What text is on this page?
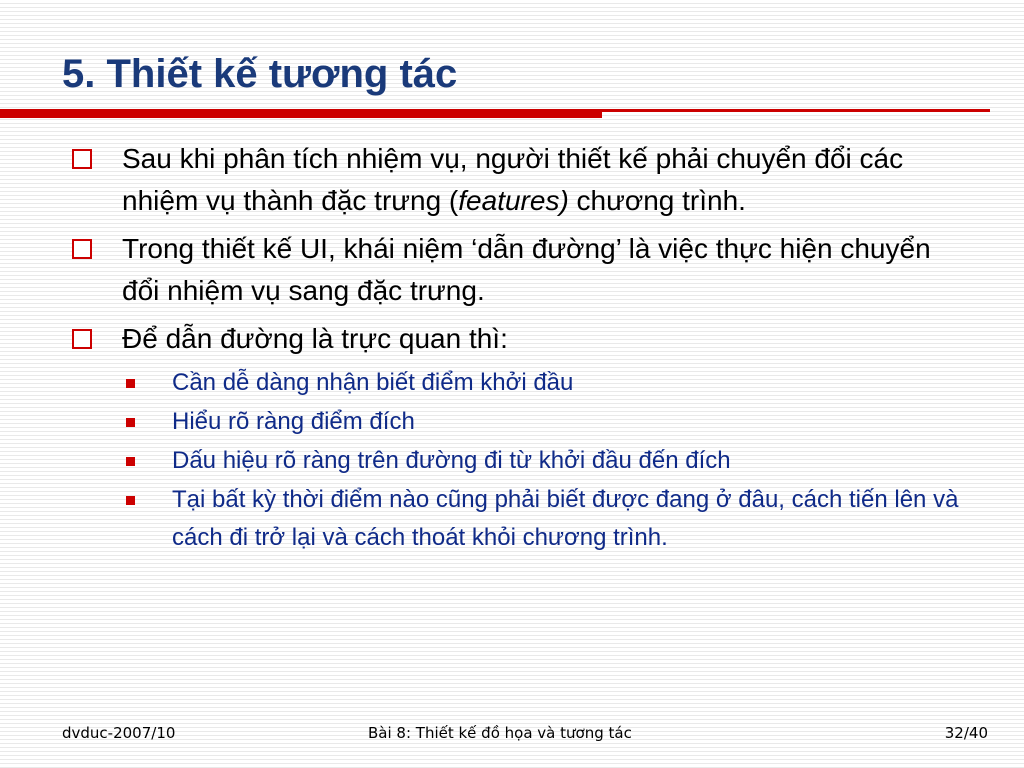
5. Thiết kế tương tác
Sau khi phân tích nhiệm vụ, người thiết kế phải chuyển đổi các nhiệm vụ thành đặc trưng (features) chương trình.
Trong thiết kế UI, khái niệm ‘dẫn đường’ là việc thực hiện chuyển đổi nhiệm vụ sang đặc trưng.
Để dẫn đường là trực quan thì:
Cần dễ dàng nhận biết điểm khởi đầu
Hiểu rõ ràng điểm đích
Dấu hiệu rõ ràng trên đường đi từ khởi đầu đến đích
Tại bất kỳ thời điểm nào cũng phải biết được đang ở đâu, cách tiến lên và cách đi trở lại và cách thoát khỏi chương trình.
dvduc-2007/10	Bài 8: Thiết kế đồ họa và tương tác	32/40
